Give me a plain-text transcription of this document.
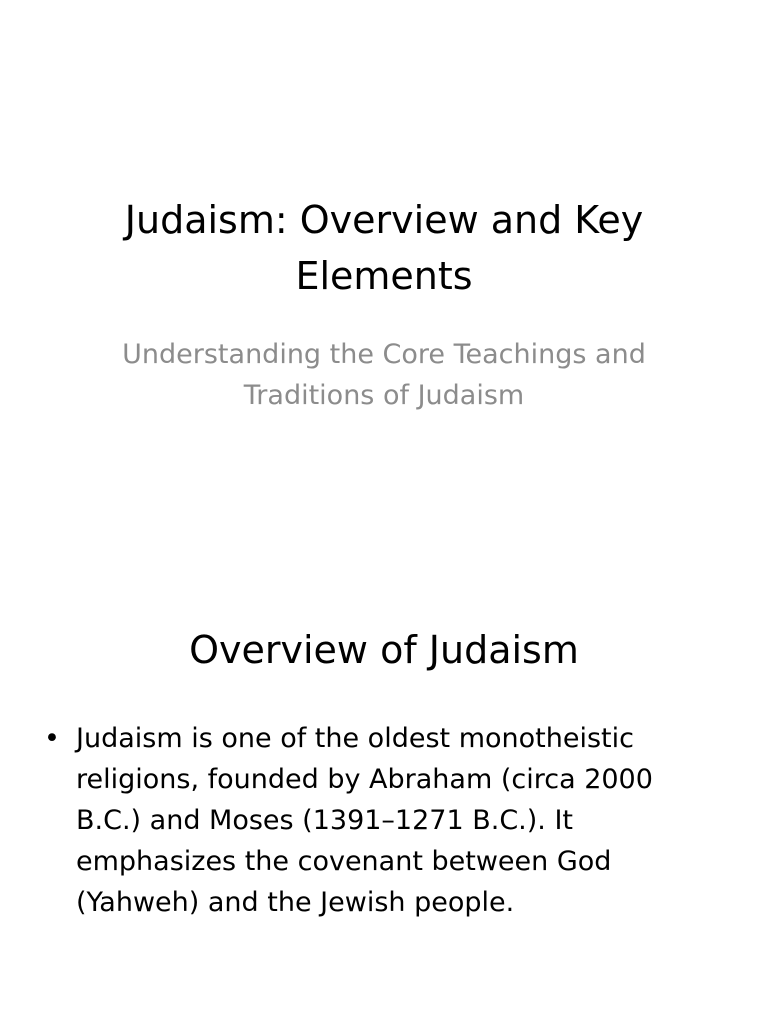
Judaism: Overview and Key Elements

Understanding the Core Teachings and Traditions of Judaism

Overview of Judaism
• Judaism is one of the oldest monotheistic religions, founded by Abraham (circa 2000 B.C.) and Moses (1391–1271 B.C.). It emphasizes the covenant between God (Yahweh) and the Jewish people.
